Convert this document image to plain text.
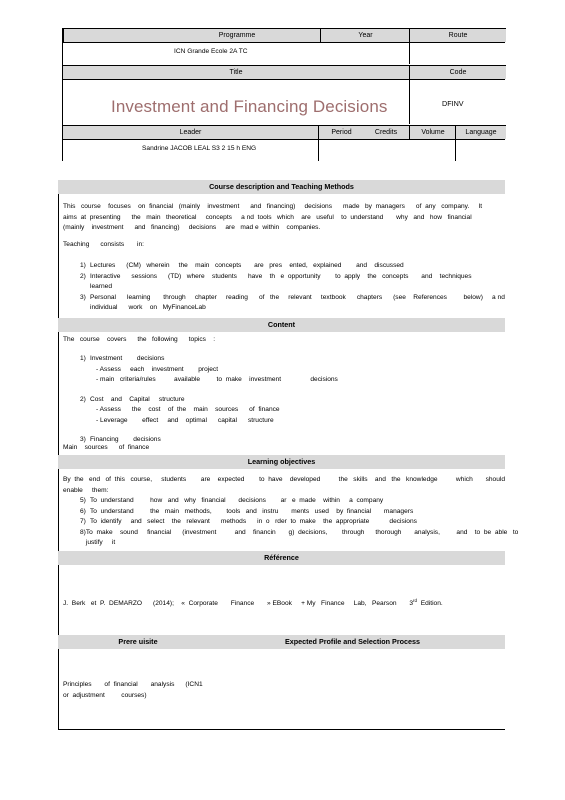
Programme	Year	Route
ICN Grande Ecole 2A TC
Title	Code
Investment and Financing Decisions	DFINV
Leader	Period	Credits	Volume	Language
Sandrine JACOB LEAL S3 2 15 h ENG
Course description and Teaching Methods
This   course    focuses    on  financial   (mainly    investment      and   financing)     decisions      made   by  managers      of  any   company.     It
aims  at  presenting      the   main   theoretical     concepts     a nd  tools   which    are   useful    to  understand       why   and   how   financial
(mainly    investment      and   financing)     decisions     are   mad e  within    companies.
Teaching      consists       in:
1) Lectures      (CM)   wherein     the    main   concepts       are   pres    ented,   explained        and    discussed
2) Interactive      sessions      (TD)   where    students      have    th   e  opportunity        to  apply    the   concepts       and    techniques
learned
3) Personal      learning       through     chapter     reading      of   the     relevant     textbook      chapters      (see    References         below)     a nd
individual      work    on   MyFinanceLab
Content
The   course    covers      the   following      topics    :
1) Investment        decisions
- Assess     each    investment        project
- main   criteria/rules          available         to  make    investment                decisions
2) Cost    and    Capital     structure
- Assess      the    cost    of  the    main    sources      of  finance
- Leverage        effect     and    optimal      capital      structure
3) Financing        decisions
Main    sources      of  finance
Learning objectives
By  the   end   of  this   course,     students        are    expected        to  have    developed          the   skills    and   the   knowledge          which       should
enable     them:
5) To  understand         how   and   why   financial       decisions        ar   e  made    within     a  company
6) To  understand         the   main   methods,        tools   and   instru       ments   used    by  financial       managers
7) To  identify     and   select    the   relevant      methods      in  o   rder  to  make    the  appropriate           decisions
8) To  make    sound     financial      (investment          and    financin       g)  decisions,        through      thorough       analysis,         and    to  be  able   to
justify     it
Référence
J.  Berk   et  P.  DEMARZO      (2014);    «  Corporate       Finance       » EBook     + My   Finance     Lab,   Pearson       3rd  Edition.
Prere uisite	Expected Profile and Selection Process
Principles       of  financial       analysis      (ICN1
or  adjustment         courses)
